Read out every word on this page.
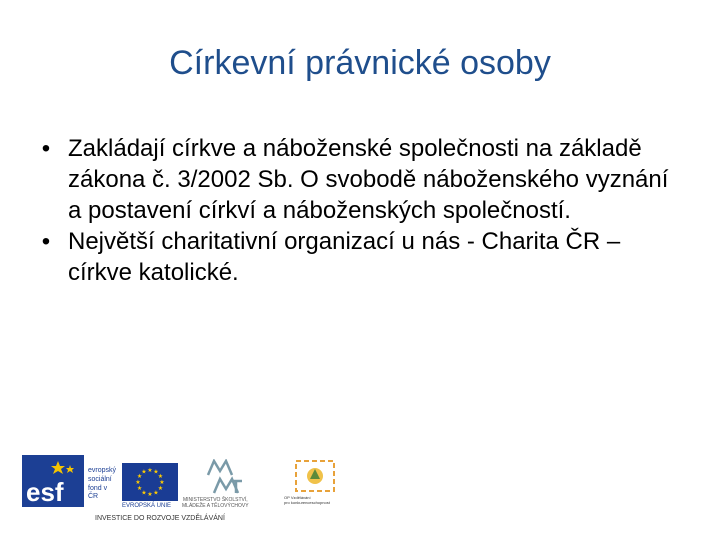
Církevní právnické osoby
• Zakládají církve a náboženské společnosti na základě zákona č. 3/2002 Sb. O svobodě náboženského vyznání a postavení církví a náboženských společností.
• Největší charitativní organizací u nás - Charita ČR – církve katolické.
esf
evropský
sociální
fond v ČR
★ ★
★
★
★
★
★
★
★
★
★
★
EVROPSKÁ UNIE
MINISTERSTVO ŠKOLSTVÍ,
MLÁDEŽE A TĚLOVÝCHOVY
OP Vzdělávání
pro konkurenceschopnost
INVESTICE DO ROZVOJE VZDĚLÁVÁNÍ
